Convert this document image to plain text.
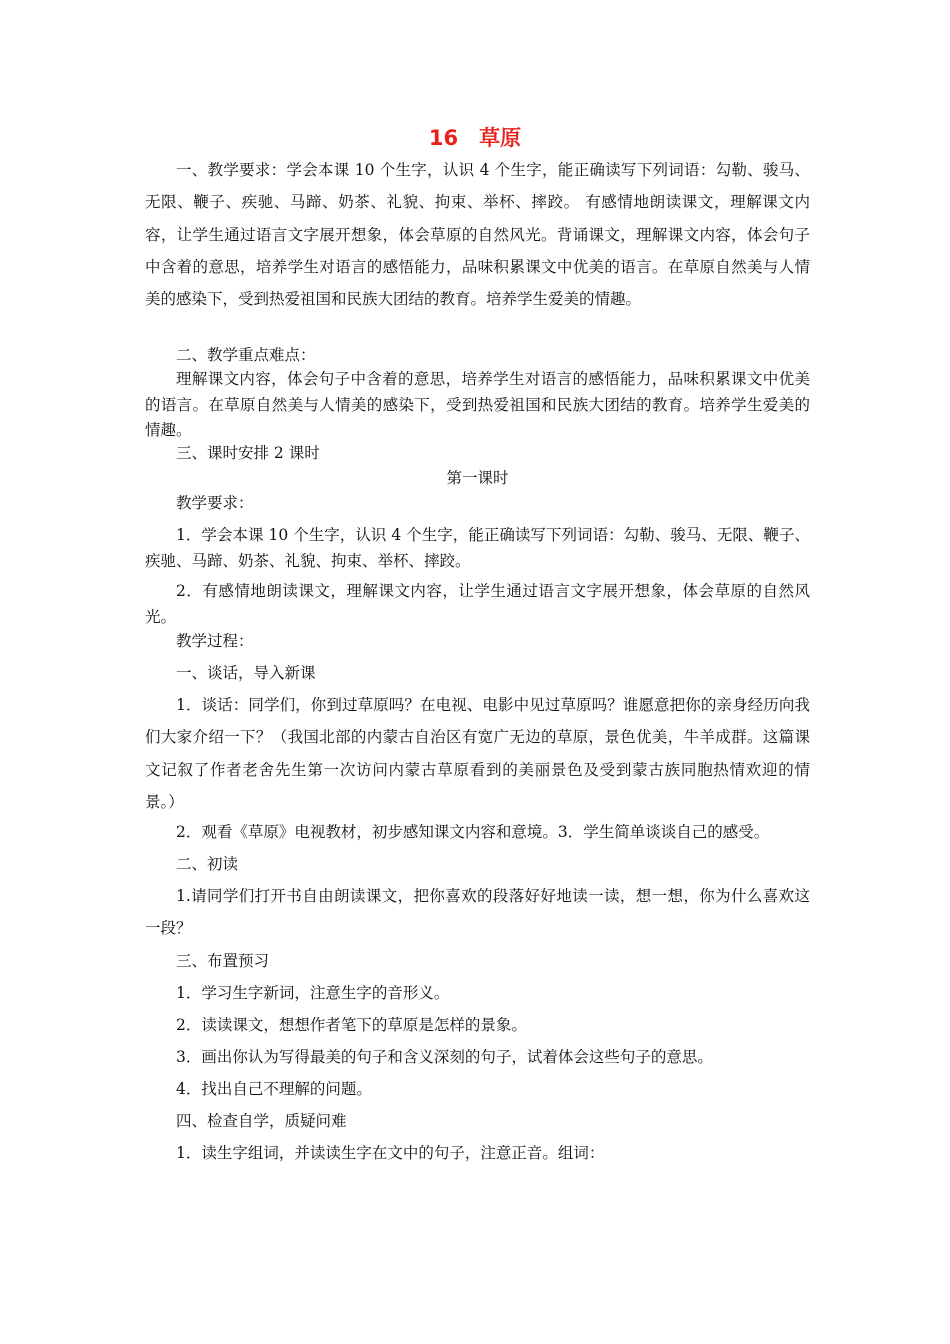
16　草原

一、教学要求：学会本课 10 个生字，认识 4 个生字，能正确读写下列词语：勾勒、骏马、无限、鞭子、疾驰、马蹄、奶茶、礼貌、拘束、举杯、摔跤。 有感情地朗读课文，理解课文内容，让学生通过语言文字展开想象，体会草原的自然风光。背诵课文，理解课文内容，体会句子中含着的意思，培养学生对语言的感悟能力，品味积累课文中优美的语言。在草原自然美与人情美的感染下，受到热爱祖国和民族大团结的教育。培养学生爱美的情趣。

二、教学重点难点：

理解课文内容，体会句子中含着的意思，培养学生对语言的感悟能力，品味积累课文中优美的语言。在草原自然美与人情美的感染下，受到热爱祖国和民族大团结的教育。培养学生爱美的情趣。

三、课时安排 2 课时

第一课时

教学要求：

1．学会本课 10 个生字，认识 4 个生字，能正确读写下列词语：勾勒、骏马、无限、鞭子、疾驰、马蹄、奶茶、礼貌、拘束、举杯、摔跤。

2．有感情地朗读课文，理解课文内容，让学生通过语言文字展开想象，体会草原的自然风光。

教学过程：

一、谈话，导入新课

1．谈话：同学们，你到过草原吗？在电视、电影中见过草原吗？谁愿意把你的亲身经历向我们大家介绍一下？（我国北部的内蒙古自治区有宽广无边的草原，景色优美，牛羊成群。这篇课文记叙了作者老舍先生第一次访问内蒙古草原看到的美丽景色及受到蒙古族同胞热情欢迎的情景。）

2．观看《草原》电视教材，初步感知课文内容和意境。3．学生简单谈谈自己的感受。

二、初读

1.请同学们打开书自由朗读课文，把你喜欢的段落好好地读一读，想一想，你为什么喜欢这一段？

三、布置预习

1．学习生字新词，注意生字的音形义。

2．读读课文，想想作者笔下的草原是怎样的景象。

3．画出你认为写得最美的句子和含义深刻的句子，试着体会这些句子的意思。

4．找出自己不理解的问题。

四、检查自学，质疑问难

1．读生字组词，并读读生字在文中的句子，注意正音。组词：
